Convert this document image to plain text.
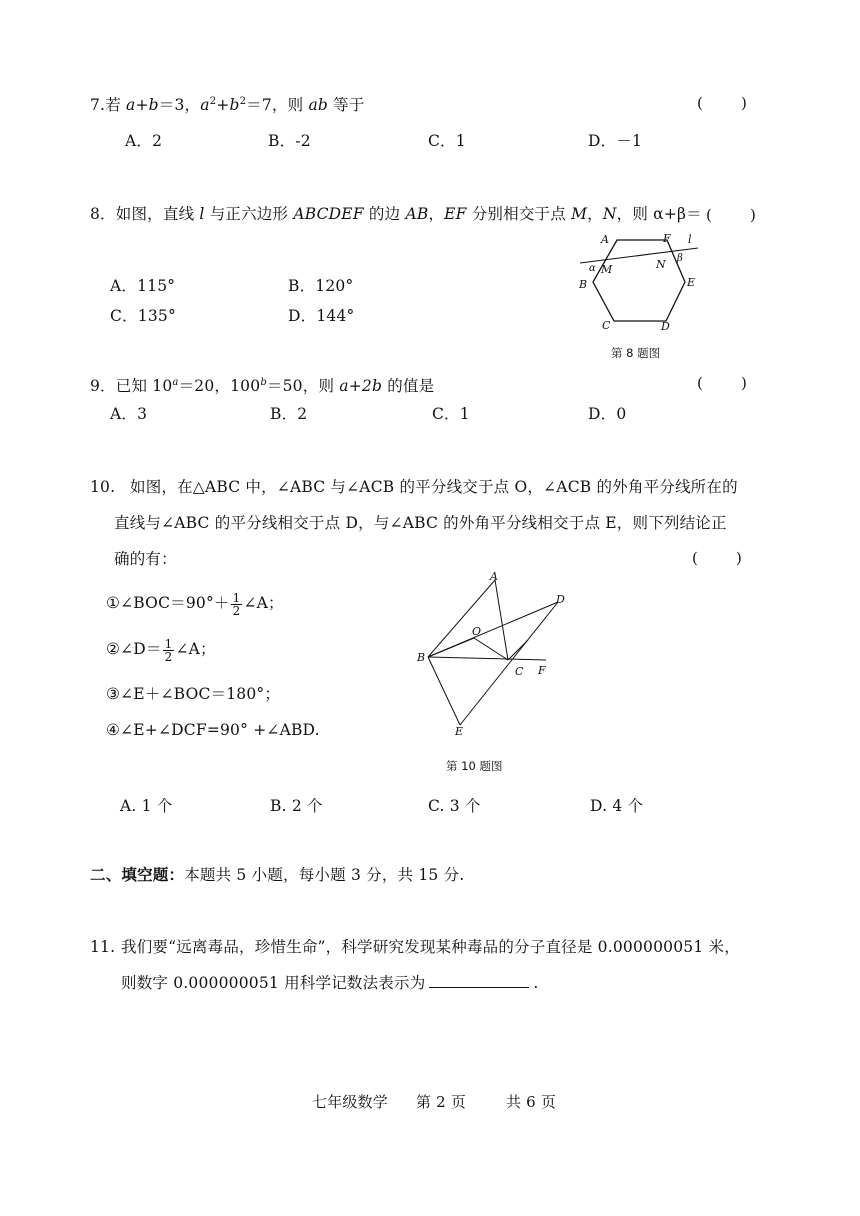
7.若 a+b＝3，$a^2+b^2=7$，则 ab 等于	(        )
A．2	B．-2	C．1	D．－1
8．如图，直线 l 与正六边形 ABCDEF 的边 AB，EF 分别相交于点 M，N，则 α+β＝ (        )
A．115°	B．120°
C．135°	D．144°
A	F l
α M	N β
B	E
C	D
第 8 题图
9．已知 $10^a=20$，$100^b=50$，则 a+2b 的值是	(        )
A．3	B．2	C．1	D．0
10. 如图，在△ABC 中，∠ABC 与∠ACB 的平分线交于点 O，∠ACB 的外角平分线所在的
直线与∠ABC 的平分线相交于点 D，与∠ABC 的外角平分线相交于点 E，则下列结论正
确的有：	(        )
①∠BOC＝90°＋ $\frac{1}{2}$ ∠A；
②∠D＝ $\frac{1}{2}$ ∠A；
③∠E＋∠BOC＝180°；
④∠E+∠DCF=90° +∠ABD.
A
D
O
B
C F
E
第 10 题图
A. 1 个	B. 2 个	C. 3 个	D. 4 个
二、填空题：本题共 5 小题，每小题 3 分，共 15 分.
11. 我们要“远离毒品，珍惜生命”，科学研究发现某种毒品的分子直径是 0.000000051 米，
则数字 0.000000051 用科学记数法表示为	.
七年级数学 第 2 页	共 6 页
